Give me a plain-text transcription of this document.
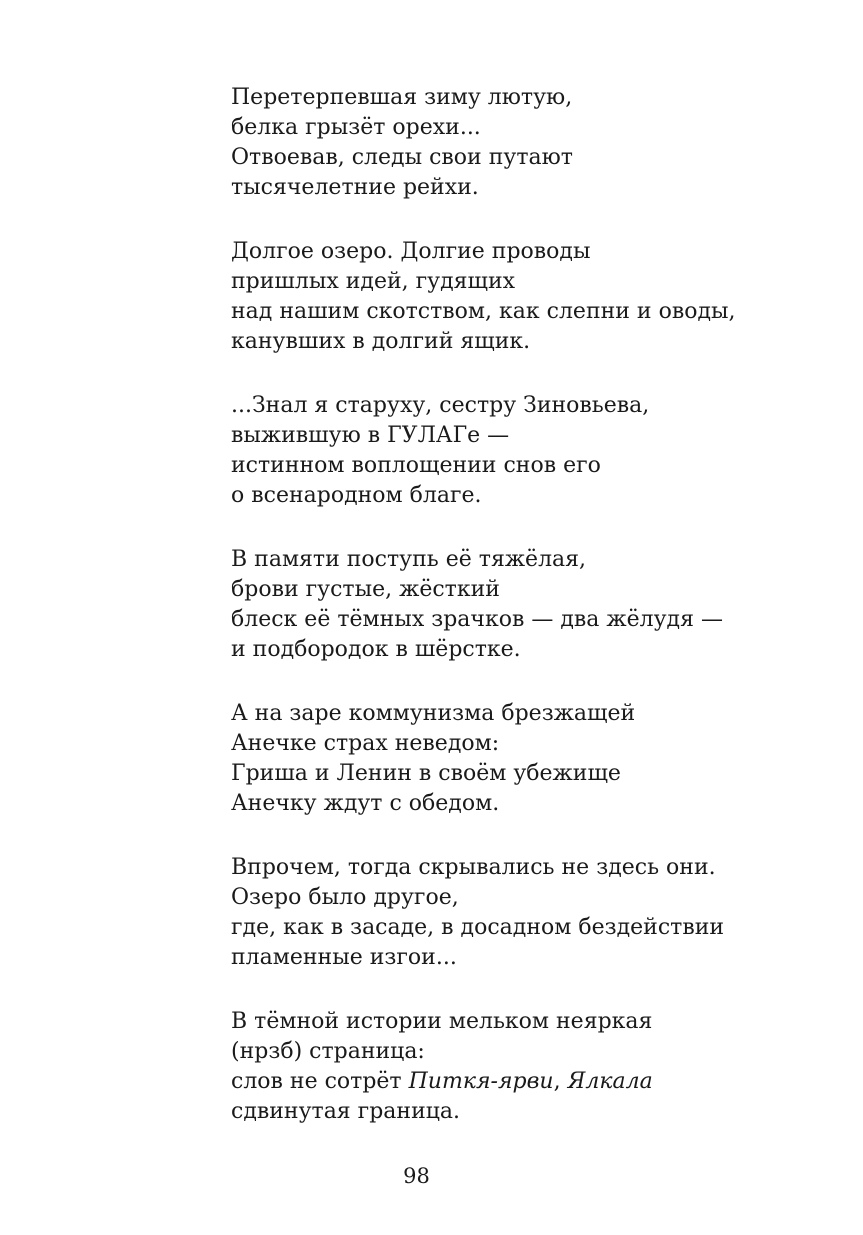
Перетерпевшая зиму лютую,
белка грызёт орехи...
Отвоевав, следы свои путают
тысячелетние рейхи.
Долгое озеро. Долгие проводы
пришлых идей, гудящих
над нашим скотством, как слепни и оводы,
канувших в долгий ящик.
...Знал я старуху, сестру Зиновьева,
выжившую в ГУЛАГе —
истинном воплощении снов его
о всенародном благе.
В памяти поступь её тяжёлая,
брови густые, жёсткий
блеск её тёмных зрачков — два жёлудя —
и подбородок в шёрстке.
А на заре коммунизма брезжащей
Анечке страх неведом:
Гриша и Ленин в своём убежище
Анечку ждут с обедом.
Впрочем, тогда скрывались не здесь они.
Озеро было другое,
где, как в засаде, в досадном бездействии
пламенные изгои...
В тёмной истории мельком неяркая
(нрзб) страница:
слов не сотрёт Питкя-ярви, Ялкала
сдвинутая граница.
98
